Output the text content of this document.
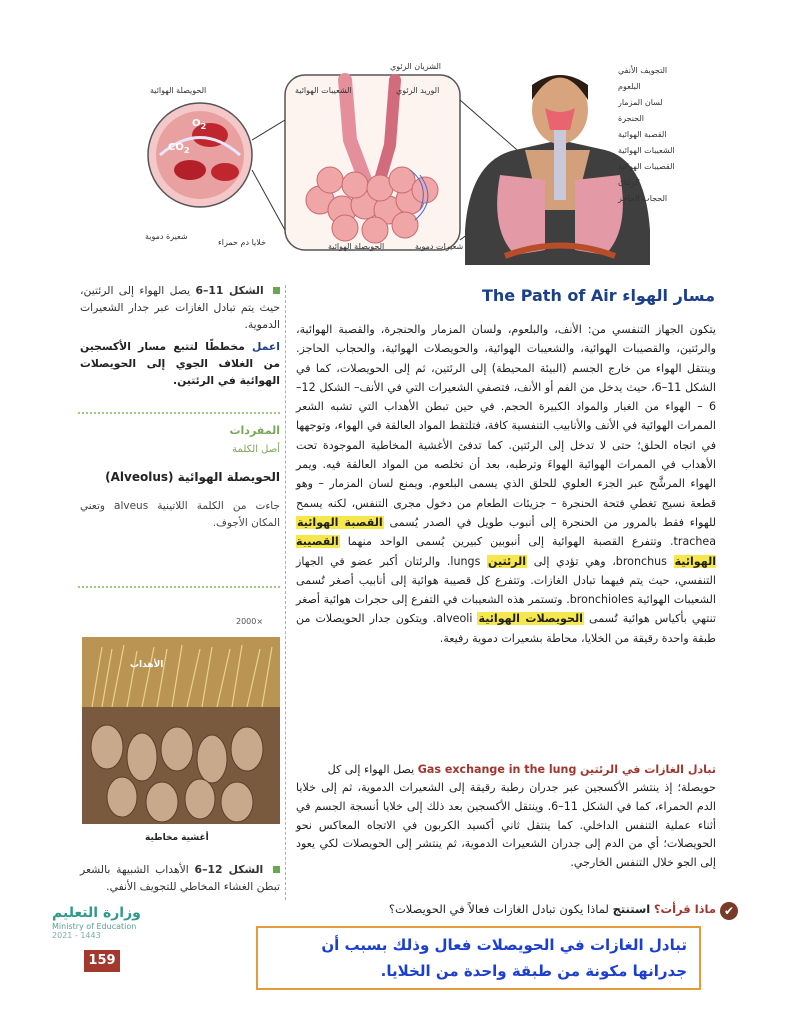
التجويف الأنفي
البلعوم
لسان المزمار
الحنجرة
القصبة الهوائية
الشعيبات الهوائية
القصيبات الهوائية
الرئتان
الحجاب الحاجز
الشريان الرئوي
الوريد الرئوي
الشعيبات الهوائية
الحويصلة الهوائية	شعيرات دموية
الحويصلة الهوائية
شعيرة دموية
خلايا دم حمراء
$O_2$
$CO_2$
مسار الهواء The Path of Air
يتكون الجهاز التنفسي من: الأنف، والبلعوم، ولسان المزمار والحنجرة، والقصبة الهوائية، والرئتين، والقصيبات الهوائية، والشعيبات الهوائية، والحويصلات الهوائية، والحجاب الحاجز. وينتقل الهواء من خارج الجسم (البيئة المحيطة) إلى الرئتين، ثم إلى الحويصلات، كما في الشكل 11–6، حيث يدخل من الفم أو الأنف، فتصفي الشعيرات التي في الأنف– الشكل 12–6 – الهواء من الغبار والمواد الكبيرة الحجم. في حين تبطن الأهداب التي تشبه الشعر الممرات الهوائية في الأنف والأنابيب التنفسية كافة، فتلتقط المواد العالقة في الهواء، وتوجهها في اتجاه الحلق؛ حتى لا تدخل إلى الرئتين. كما تدفئ الأغشية المخاطية الموجودة تحت الأهداب في الممرات الهوائية الهواءَ وترطبه، بعد أن تخلصه من المواد العالقة فيه. ويمر الهواء المرشَّح عبر الجزء العلوي للحلق الذي يسمى البلعوم. ويمنع لسان المزمار – وهو قطعة نسيج تغطي فتحة الحنجرة – جزيئات الطعام من دخول مجرى التنفس، لكنه يسمح للهواء فقط بالمرور من الحنجرة إلى أنبوب طويل في الصدر يُسمى القصبة الهوائية trachea. وتتفرع القصبة الهوائية إلى أنبوبين كبيرين يُسمى الواحد منهما القصيبة الهوائية bronchus، وهي تؤدي إلى الرئتين lungs. والرئتان أكبر عضو في الجهاز التنفسي، حيث يتم فيهما تبادل الغازات. وتتفرع كل قصيبة هوائية إلى أنابيب أصغر تُسمى الشعيبات الهوائية bronchioles. وتستمر هذه الشعيبات في التفرع إلى حجرات هوائية أصغر تنتهي بأكياس هوائية تُسمى الحويصلات الهوائية alveoli. ويتكون جدار الحويصلات من طبقة واحدة رقيقة من الخلايا، محاطة بشعيرات دموية رفيعة.
تبادل الغازات في الرئتين Gas exchange in the lung يصل الهواء إلى كل
حويصلة؛ إذ ينتشر الأكسجين عبر جدران رطبة رقيقة إلى الشعيرات الدموية، ثم إلى خلايا الدم الحمراء، كما في الشكل 11–6. وينتقل الأكسجين بعد ذلك إلى خلايا أنسجة الجسم في أثناء عملية التنفس الداخلي. كما ينتقل ثاني أكسيد الكربون في الاتجاه المعاكس نحو الحويصلات؛ أي من الدم إلى جدران الشعيرات الدموية، ثم ينتشر إلى الحويصلات لكي يعود إلى الجو خلال التنفس الخارجي.
✔
ماذا قرأت؟ استنتج لماذا يكون تبادل الغازات فعالاً في الحويصلات؟
الشكل 11–6 يصل الهواء إلى الرئتين، حيث يتم تبادل الغازات عبر جدار الشعيرات الدموية.
اعمل مخططًا لتتبع مسار الأكسجين من الغلاف الجوي إلى الحويصلات الهوائية في الرئتين.
المفردات
أصل الكلمة
الحويصلة الهوائية (Alveolus)
جاءت من الكلمة اللاتينية alveus وتعني المكان الأجوف.
2000×
الأهداب
أغشية مخاطية
الشكل 12–6 الأهداب الشبيهة بالشعر تبطن الغشاء المخاطي للتجويف الأنفي.
وزارة التعليم
Ministry of Education
2021 - 1443
159
تبادل الغازات في الحويصلات فعال وذلك بسبب أن
جدرانها مكونة من طبقة واحدة من الخلايا.
